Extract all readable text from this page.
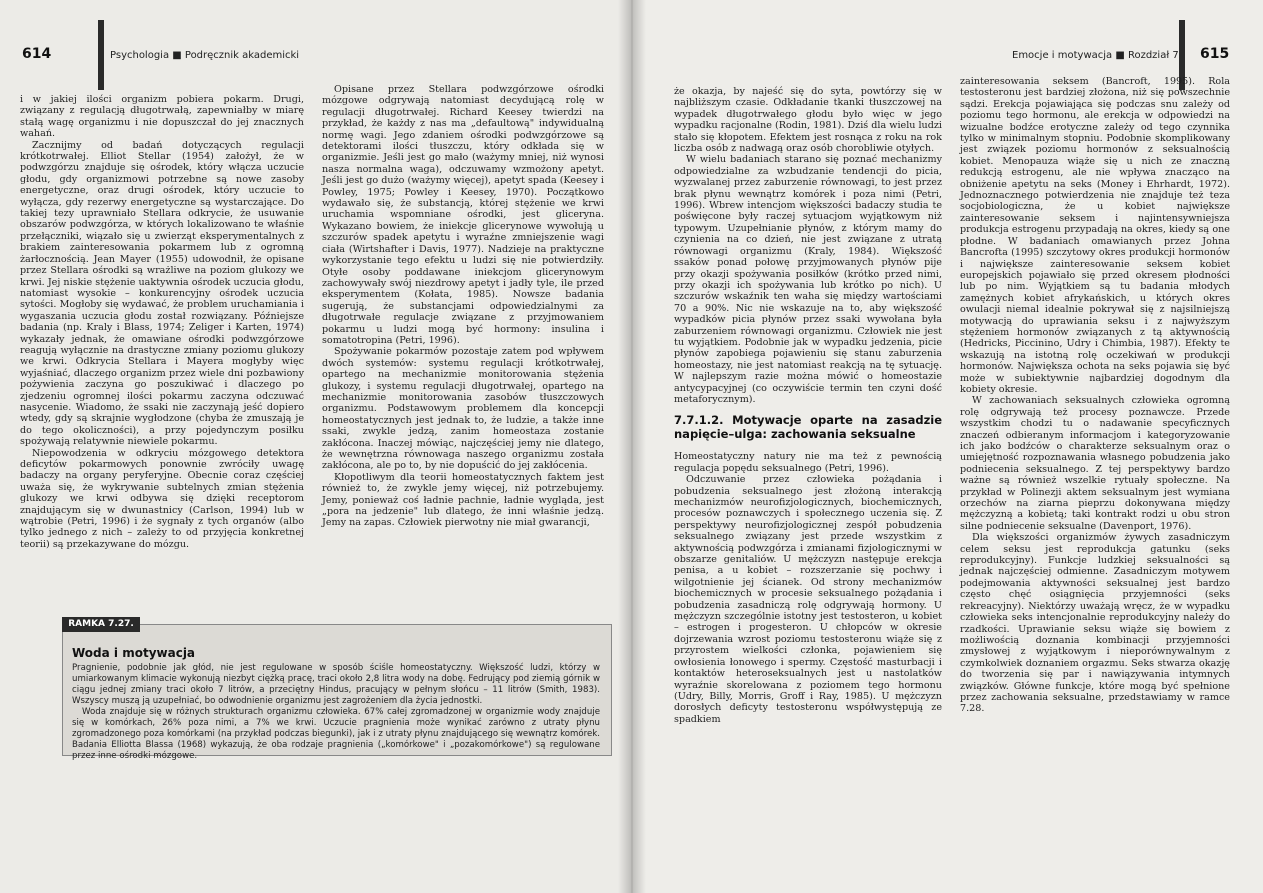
614	Psychologia ■ Podręcznik akademicki

i w jakiej ilości organizm pobiera pokarm. Drugi, związany z regulacją długotrwałą, zapewniałby w miarę stałą wagę organizmu i nie dopuszczał do jej znacznych wahań.

Zacznijmy od badań dotyczących regulacji krótkotrwałej. Elliot Stellar (1954) założył, że w podwzgórzu znajduje się ośrodek, który włącza uczucie głodu, gdy organizmowi potrzebne są nowe zasoby energetyczne, oraz drugi ośrodek, który uczucie to wyłącza, gdy rezerwy energetyczne są wystarczające. Do takiej tezy uprawniało Stellara odkrycie, że usuwanie obszarów podwzgórza, w których lokalizowano te właśnie przełączniki, wiązało się u zwierząt eksperymentalnych z brakiem zainteresowania pokarmem lub z ogromną żarłocznością. Jean Mayer (1955) udowodnił, że opisane przez Stellara ośrodki są wrażliwe na poziom glukozy we krwi. Jej niskie stężenie uaktywnia ośrodek uczucia głodu, natomiast wysokie – konkurencyjny ośrodek uczucia sytości. Mogłoby się wydawać, że problem uruchamiania i wygaszania uczucia głodu został rozwiązany. Późniejsze badania (np. Kraly i Blass, 1974; Zeliger i Karten, 1974) wykazały jednak, że omawiane ośrodki podwzgórzowe reagują wyłącznie na drastyczne zmiany poziomu glukozy we krwi. Odkrycia Stellara i Mayera mogłyby więc wyjaśniać, dlaczego organizm przez wiele dni pozbawiony pożywienia zaczyna go poszukiwać i dlaczego po zjedzeniu ogromnej ilości pokarmu zaczyna odczuwać nasycenie. Wiadomo, że ssaki nie zaczynają jeść dopiero wtedy, gdy są skrajnie wygłodzone (chyba że zmuszają je do tego okoliczności), a przy pojedynczym posiłku spożywają relatywnie niewiele pokarmu.

Niepowodzenia w odkryciu mózgowego detektora deficytów pokarmowych ponownie zwróciły uwagę badaczy na organy peryferyjne. Obecnie coraz częściej uważa się, że wykrywanie subtelnych zmian stężenia glukozy we krwi odbywa się dzięki receptorom znajdującym się w dwunastnicy (Carlson, 1994) lub w wątrobie (Petri, 1996) i że sygnały z tych organów (albo tylko jednego z nich – zależy to od przyjęcia konkretnej teorii) są przekazywane do mózgu.

Opisane przez Stellara podwzgórzowe ośrodki mózgowe odgrywają natomiast decydującą rolę w regulacji długotrwałej. Richard Keesey twierdzi na przykład, że każdy z nas ma „defaultową" indywidualną normę wagi. Jego zdaniem ośrodki podwzgórzowe są detektorami ilości tłuszczu, który odkłada się w organizmie. Jeśli jest go mało (ważymy mniej, niż wynosi nasza normalna waga), odczuwamy wzmożony apetyt. Jeśli jest go dużo (ważymy więcej), apetyt spada (Keesey i Powley, 1975; Powley i Keesey, 1970). Początkowo wydawało się, że substancją, której stężenie we krwi uruchamia wspomniane ośrodki, jest gliceryna. Wykazano bowiem, że iniekcje glicerynowe wywołują u szczurów spadek apetytu i wyraźne zmniejszenie wagi ciała (Wirtshafter i Davis, 1977). Nadzieje na praktyczne wykorzystanie tego efektu u ludzi się nie potwierdziły. Otyłe osoby poddawane iniekcjom glicerynowym zachowywały swój niezdrowy apetyt i jadły tyle, ile przed eksperymentem (Kołata, 1985). Nowsze badania sugerują, że substancjami odpowiedzialnymi za długotrwałe regulacje związane z przyjmowaniem pokarmu u ludzi mogą być hormony: insulina i somatotropina (Petri, 1996).

Spożywanie pokarmów pozostaje zatem pod wpływem dwóch systemów: systemu regulacji krótkotrwałej, opartego na mechanizmie monitorowania stężenia glukozy, i systemu regulacji długotrwałej, opartego na mechanizmie monitorowania zasobów tłuszczowych organizmu. Podstawowym problemem dla koncepcji homeostatycznych jest jednak to, że ludzie, a także inne ssaki, zwykle jedzą, zanim homeostaza zostanie zakłócona. Inaczej mówiąc, najczęściej jemy nie dlatego, że wewnętrzna równowaga naszego organizmu została zakłócona, ale po to, by nie dopuścić do jej zakłócenia.

Kłopotliwym dla teorii homeostatycznych faktem jest również to, że zwykle jemy więcej, niż potrzebujemy. Jemy, ponieważ coś ładnie pachnie, ładnie wygląda, jest „pora na jedzenie" lub dlatego, że inni właśnie jedzą. Jemy na zapas. Człowiek pierwotny nie miał gwarancji,

RAMKA 7.27.
Woda i motywacja

Pragnienie, podobnie jak głód, nie jest regulowane w sposób ściśle homeostatyczny. Większość ludzi, którzy w umiarkowanym klimacie wykonują niezbyt ciężką pracę, traci około 2,8 litra wody na dobę. Fedrujący pod ziemią górnik w ciągu jednej zmiany traci około 7 litrów, a przeciętny Hindus, pracujący w pełnym słońcu – 11 litrów (Smith, 1983). Wszyscy muszą ją uzupełniać, bo odwodnienie organizmu jest zagrożeniem dla życia jednostki.

Woda znajduje się w różnych strukturach organizmu człowieka. 67% całej zgromadzonej w organizmie wody znajduje się w komórkach, 26% poza nimi, a 7% we krwi. Uczucie pragnienia może wynikać zarówno z utraty płynu zgromadzonego poza komórkami (na przykład podczas biegunki), jak i z utraty płynu znajdującego się wewnątrz komórek. Badania Elliotta Blassa (1968) wykazują, że oba rodzaje pragnienia („komórkowe" i „pozakomórkowe") są regulowane przez inne ośrodki mózgowe.

Emocje i motywacja ■ Rozdział 7 615

że okazja, by najeść się do syta, powtórzy się w najbliższym czasie. Odkładanie tkanki tłuszczowej na wypadek długotrwałego głodu było więc w jego wypadku racjonalne (Rodin, 1981). Dziś dla wielu ludzi stało się kłopotem. Efektem jest rosnąca z roku na rok liczba osób z nadwagą oraz osób chorobliwie otyłych.

W wielu badaniach starano się poznać mechanizmy odpowiedzialne za wzbudzanie tendencji do picia, wyzwalanej przez zaburzenie równowagi, to jest przez brak płynu wewnątrz komórek i poza nimi (Petri, 1996). Wbrew intencjom większości badaczy studia te poświęcone były raczej sytuacjom wyjątkowym niż typowym. Uzupełnianie płynów, z którym mamy do czynienia na co dzień, nie jest związane z utratą równowagi organizmu (Kraly, 1984). Większość ssaków ponad połowę przyjmowanych płynów pije przy okazji spożywania posiłków (krótko przed nimi, przy okazji ich spożywania lub krótko po nich). U szczurów wskaźnik ten waha się między wartościami 70 a 90%. Nic nie wskazuje na to, aby większość wypadków picia płynów przez ssaki wywołana była zaburzeniem równowagi organizmu. Człowiek nie jest tu wyjątkiem. Podobnie jak w wypadku jedzenia, picie płynów zapobiega pojawieniu się stanu zaburzenia homeostazy, nie jest natomiast reakcją na tę sytuację. W najlepszym razie można mówić o homeostazie antycypacyjnej (co oczywiście termin ten czyni dość metaforycznym).

7.7.1.2. Motywacje oparte na zasadzie napięcie–ulga: zachowania seksualne

Homeostatyczny natury nie ma też z pewnością regulacja popędu seksualnego (Petri, 1996).

Odczuwanie przez człowieka pożądania i pobudzenia seksualnego jest złożoną interakcją mechanizmów neurofizjologicznych, biochemicznych, procesów poznawczych i społecznego uczenia się. Z perspektywy neurofizjologicznej zespół pobudzenia seksualnego związany jest przede wszystkim z aktywnością podwzgórza i zmianami fizjologicznymi w obszarze genitaliów. U mężczyzn następuje erekcja penisa, a u kobiet – rozszerzanie się pochwy i wilgotnienie jej ścianek. Od strony mechanizmów biochemicznych w procesie seksualnego pożądania i pobudzenia zasadniczą rolę odgrywają hormony. U mężczyzn szczególnie istotny jest testosteron, u kobiet – estrogen i progesteron. U chłopców w okresie dojrzewania wzrost poziomu testosteronu wiąże się z przyrostem wielkości członka, pojawieniem się owłosienia łonowego i spermy. Częstość masturbacji i kontaktów heteroseksualnych jest u nastolatków wyraźnie skorelowana z poziomem tego hormonu (Udry, Billy, Morris, Groff i Ray, 1985). U mężczyzn dorosłych deficyty testosteronu współwystępują ze spadkiem

zainteresowania seksem (Bancroft, 1995). Rola testosteronu jest bardziej złożona, niż się powszechnie sądzi. Erekcja pojawiająca się podczas snu zależy od poziomu tego hormonu, ale erekcja w odpowiedzi na wizualne bodźce erotyczne zależy od tego czynnika tylko w minimalnym stopniu. Podobnie skomplikowany jest związek poziomu hormonów z seksualnością kobiet. Menopauza wiąże się u nich ze znaczną redukcją estrogenu, ale nie wpływa znacząco na obniżenie apetytu na seks (Money i Ehrhardt, 1972). Jednoznacznego potwierdzenia nie znajduje też teza socjobiologiczna, że u kobiet największe zainteresowanie seksem i najintensywniejsza produkcja estrogenu przypadają na okres, kiedy są one płodne. W badaniach omawianych przez Johna Bancrofta (1995) szczytowy okres produkcji hormonów i największe zainteresowanie seksem kobiet europejskich pojawiało się przed okresem płodności lub po nim. Wyjątkiem są tu badania młodych zamężnych kobiet afrykańskich, u których okres owulacji niemal idealnie pokrywał się z najsilniejszą motywacją do uprawiania seksu i z najwyższym stężeniem hormonów związanych z tą aktywnością (Hedricks, Piccinino, Udry i Chimbia, 1987). Efekty te wskazują na istotną rolę oczekiwań w produkcji hormonów. Największa ochota na seks pojawia się być może w subiektywnie najbardziej dogodnym dla kobiety okresie.

W zachowaniach seksualnych człowieka ogromną rolę odgrywają też procesy poznawcze. Przede wszystkim chodzi tu o nadawanie specyficznych znaczeń odbieranym informacjom i kategoryzowanie ich jako bodźców o charakterze seksualnym oraz o umiejętność rozpoznawania własnego pobudzenia jako podniecenia seksualnego. Z tej perspektywy bardzo ważne są również wszelkie rytuały społeczne. Na przykład w Polinezji aktem seksualnym jest wymiana orzechów na ziarna pieprzu dokonywana między mężczyzną a kobietą; taki kontrakt rodzi u obu stron silne podniecenie seksualne (Davenport, 1976).

Dla większości organizmów żywych zasadniczym celem seksu jest reprodukcja gatunku (seks reprodukcyjny). Funkcje ludzkiej seksualności są jednak najczęściej odmienne. Zasadniczym motywem podejmowania aktywności seksualnej jest bardzo często chęć osiągnięcia przyjemności (seks rekreacyjny). Niektórzy uważają wręcz, że w wypadku człowieka seks intencjonalnie reprodukcyjny należy do rzadkości. Uprawianie seksu wiąże się bowiem z możliwością doznania kombinacji przyjemności zmysłowej z wyjątkowym i nieporównywalnym z czymkolwiek doznaniem orgazmu. Seks stwarza okazję do tworzenia się par i nawiązywania intymnych związków. Główne funkcje, które mogą być spełnione przez zachowania seksualne, przedstawiamy w ramce 7.28.
